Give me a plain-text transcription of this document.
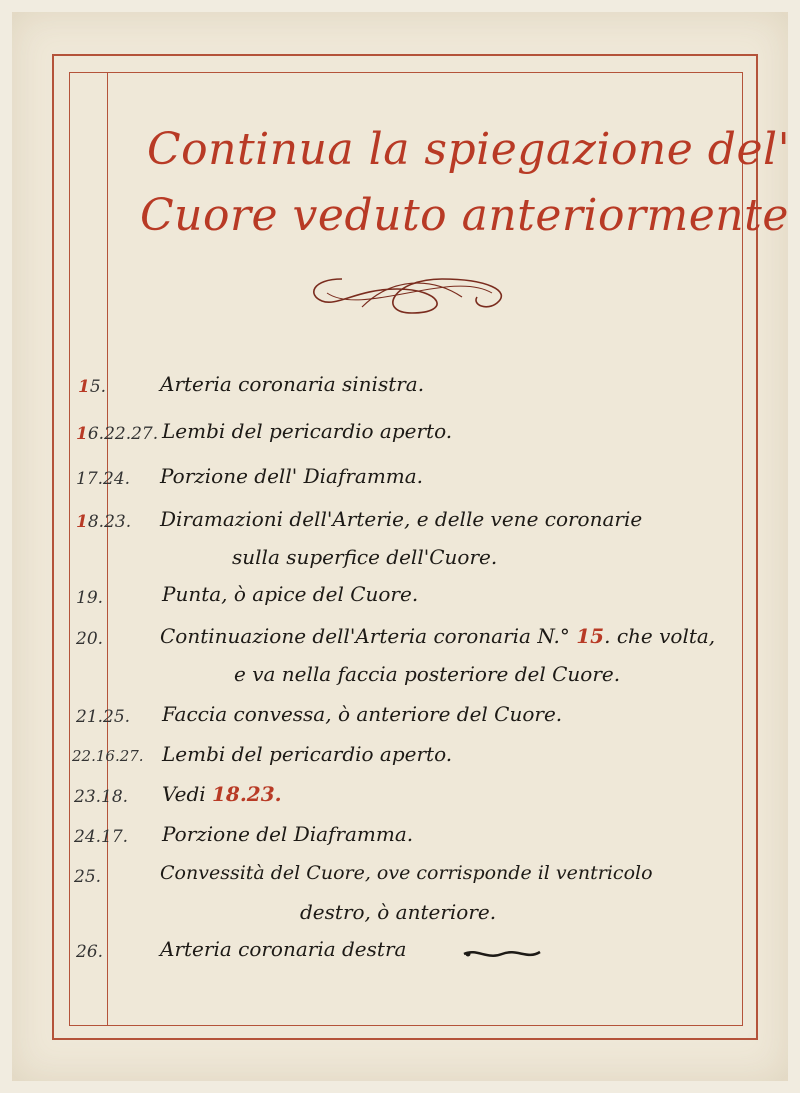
Continua la spiegazione del'
Cuore veduto anteriormente
15.	Arteria coronaria sinistra.
16.22.27. Lembi del pericardio aperto.
17.24. Porzione dell' Diaframma.
18.23. Diramazioni dell'Arterie, e delle vene coronarie
sulla superfice dell'Cuore.
19.	Punta, ò apice del Cuore.
20.	Continuazione dell'Arteria coronaria N.° 15. che volta,
e va nella faccia posteriore del Cuore.
21.25. Faccia convessa, ò anteriore del Cuore.
22.16.27. Lembi del pericardio aperto.
23.18. Vedi 18.23.
24.17. Porzione del Diaframma.
25.	Convessità del Cuore, ove corrisponde il ventricolo
destro, ò anteriore.
26.	Arteria coronaria destra
